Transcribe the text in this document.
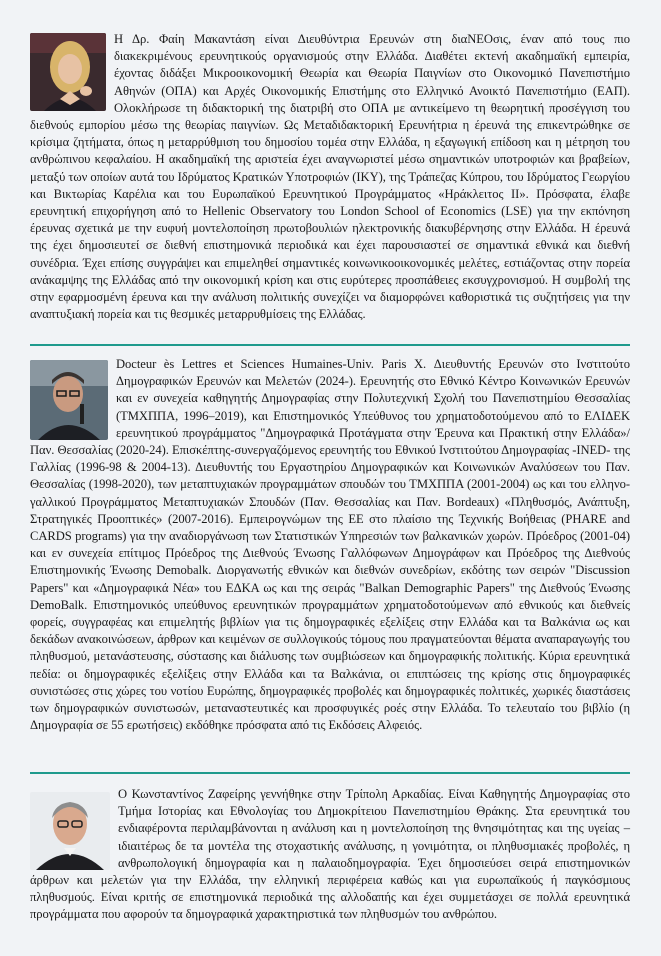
Η Δρ. Φαίη Μακαντάση είναι Διευθύντρια Ερευνών στη διαΝΕΟσις, έναν από τους πιο διακεκριμένους ερευνητικούς οργανισμούς στην Ελλάδα. Διαθέτει εκτενή ακαδημαϊκή εμπειρία, έχοντας διδάξει Μικροοικονομική Θεωρία και Θεωρία Παιγνίων στο Οικονομικό Πανεπιστήμιο Αθηνών (ΟΠΑ) και Αρχές Οικονομικής Επιστήμης στο Ελληνικό Ανοικτό Πανεπιστήμιο (ΕΑΠ). Ολοκλήρωσε τη διδακτορική της διατριβή στο ΟΠΑ με αντικείμενο τη θεωρητική προσέγγιση του διεθνούς εμπορίου μέσω της θεωρίας παιγνίων. Ως Μεταδιδακτορική Ερευνήτρια η έρευνά της επικεντρώθηκε σε κρίσιμα ζητήματα, όπως η μεταρρύθμιση του δημοσίου τομέα στην Ελλάδα, η εξαγωγική επίδοση και η μέτρηση του ανθρώπινου κεφαλαίου. Η ακαδημαϊκή της αριστεία έχει αναγνωριστεί μέσω σημαντικών υποτροφιών και βραβείων, μεταξύ των οποίων αυτά του Ιδρύματος Κρατικών Υποτροφιών (ΙΚΥ), της Τράπεζας Κύπρου, του Ιδρύματος Γεωργίου και Βικτωρίας Καρέλια και του Ευρωπαϊκού Ερευνητικού Προγράμματος «Ηράκλειτος ΙΙ». Πρόσφατα, έλαβε ερευνητική επιχορήγηση από το Hellenic Observatory του London School of Economics (LSE) για την εκπόνηση έρευνας σχετικά με την ευφυή μοντελοποίηση πρωτοβουλιών ηλεκτρονικής διακυβέρνησης στην Ελλάδα. Η έρευνά της έχει δημοσιευτεί σε διεθνή επιστημονικά περιοδικά και έχει παρουσιαστεί σε σημαντικά εθνικά και διεθνή συνέδρια. Έχει επίσης συγγράψει και επιμεληθεί σημαντικές κοινωνικοοικονομικές μελέτες, εστιάζοντας στην πορεία ανάκαμψης της Ελλάδας από την οικονομική κρίση και στις ευρύτερες προσπάθειες εκσυγχρονισμού. Η συμβολή της στην εφαρμοσμένη έρευνα και την ανάλυση πολιτικής συνεχίζει να διαμορφώνει καθοριστικά τις συζητήσεις για την αναπτυξιακή πορεία και τις θεσμικές μεταρρυθμίσεις της Ελλάδας.
Docteur ès Lettres et Sciences Humaines-Univ. Paris X. Διευθυντής Ερευνών στο Ινστιτούτο Δημογραφικών Ερευνών και Μελετών (2024-). Ερευνητής στο Εθνικό Κέντρο Κοινωνικών Ερευνών και εν συνεχεία καθηγητής Δημογραφίας στην Πολυτεχνική Σχολή του Πανεπιστημίου Θεσσαλίας (ΤΜΧΠΠΑ, 1996–2019), και Επιστημονικός Υπεύθυνος του χρηματοδοτούμενου από το ΕΛΙΔΕΚ ερευνητικού προγράμματος "Δημογραφικά Προτάγματα στην Έρευνα και Πρακτική στην Ελλάδα»/Παν. Θεσσαλίας (2020-24). Επισκέπτης-συνεργαζόμενος ερευνητής του Εθνικού Ινστιτούτου Δημογραφίας -INED- της Γαλλίας (1996-98 & 2004-13). Διευθυντής του Εργαστηρίου Δημογραφικών και Κοινωνικών Αναλύσεων του Παν. Θεσσαλίας (1998-2020), των μεταπτυχιακών προγραμμάτων σπουδών του ΤΜΧΠΠΑ (2001-2004) ως και του ελληνο-γαλλικού Προγράμματος Μεταπτυχιακών Σπουδών (Παν. Θεσσαλίας και Παν. Bordeaux) «Πληθυσμός, Ανάπτυξη, Στρατηγικές Προοπτικές» (2007-2016). Εμπειρογνώμων της ΕΕ στο πλαίσιο της Τεχνικής Βοήθειας (PHARE and CARDS programs) για την αναδιοργάνωση των Στατιστικών Υπηρεσιών των βαλκανικών χωρών. Πρόεδρος (2001-04) και εν συνεχεία επίτιμος Πρόεδρος της Διεθνούς Ένωσης Γαλλόφωνων Δημογράφων και Πρόεδρος της Διεθνούς Επιστημονικής Ένωσης Demobalk. Διοργανωτής εθνικών και διεθνών συνεδρίων, εκδότης των σειρών "Discussion Papers" και «Δημογραφικά Νέα» του ΕΔΚΑ ως και της σειράς "Balkan Demographic Papers" της Διεθνούς Ένωσης DemoBalk. Επιστημονικός υπεύθυνος ερευνητικών προγραμμάτων χρηματοδοτούμενων από εθνικούς και διεθνείς φορείς, συγγραφέας και επιμελητής βιβλίων για τις δημογραφικές εξελίξεις στην Ελλάδα και τα Βαλκάνια ως και δεκάδων ανακοινώσεων, άρθρων και κειμένων σε συλλογικούς τόμους που πραγματεύονται θέματα αναπαραγωγής του πληθυσμού, μετανάστευσης, σύστασης και διάλυσης των συμβιώσεων και δημογραφικής πολιτικής. Κύρια ερευνητικά πεδία: οι δημογραφικές εξελίξεις στην Ελλάδα και τα Βαλκάνια, οι επιπτώσεις της κρίσης στις δημογραφικές συνιστώσες στις χώρες του νοτίου Ευρώπης, δημογραφικές προβολές και δημογραφικές πολιτικές, χωρικές διαστάσεις των δημογραφικών συνιστωσών, μεταναστευτικές και προσφυγικές ροές στην Ελλάδα. Το τελευταίο του βιβλίο (η Δημογραφία σε 55 ερωτήσεις) εκδόθηκε πρόσφατα από τις Εκδόσεις Αλφειός.
Ο Κωνσταντίνος Ζαφείρης γεννήθηκε στην Τρίπολη Αρκαδίας. Είναι Καθηγητής Δημογραφίας στο Τμήμα Ιστορίας και Εθνολογίας του Δημοκρίτειου Πανεπιστημίου Θράκης. Στα ερευνητικά του ενδιαφέροντα περιλαμβάνονται η ανάλυση και η μοντελοποίηση της θνησιμότητας και της υγείας – ιδιαιτέρως δε τα μοντέλα της στοχαστικής ανάλυσης, η γονιμότητα, οι πληθυσμιακές προβολές, η ανθρωπολογική δημογραφία και η παλαιοδημογραφία. Έχει δημοσιεύσει σειρά επιστημονικών άρθρων και μελετών για την Ελλάδα, την ελληνική περιφέρεια καθώς και για ευρωπαϊκούς ή παγκόσμιους πληθυσμούς. Είναι κριτής σε επιστημονικά περιοδικά της αλλοδαπής και έχει συμμετάσχει σε πολλά ερευνητικά προγράμματα που αφορούν τα δημογραφικά χαρακτηριστικά των πληθυσμών του ανθρώπου.
